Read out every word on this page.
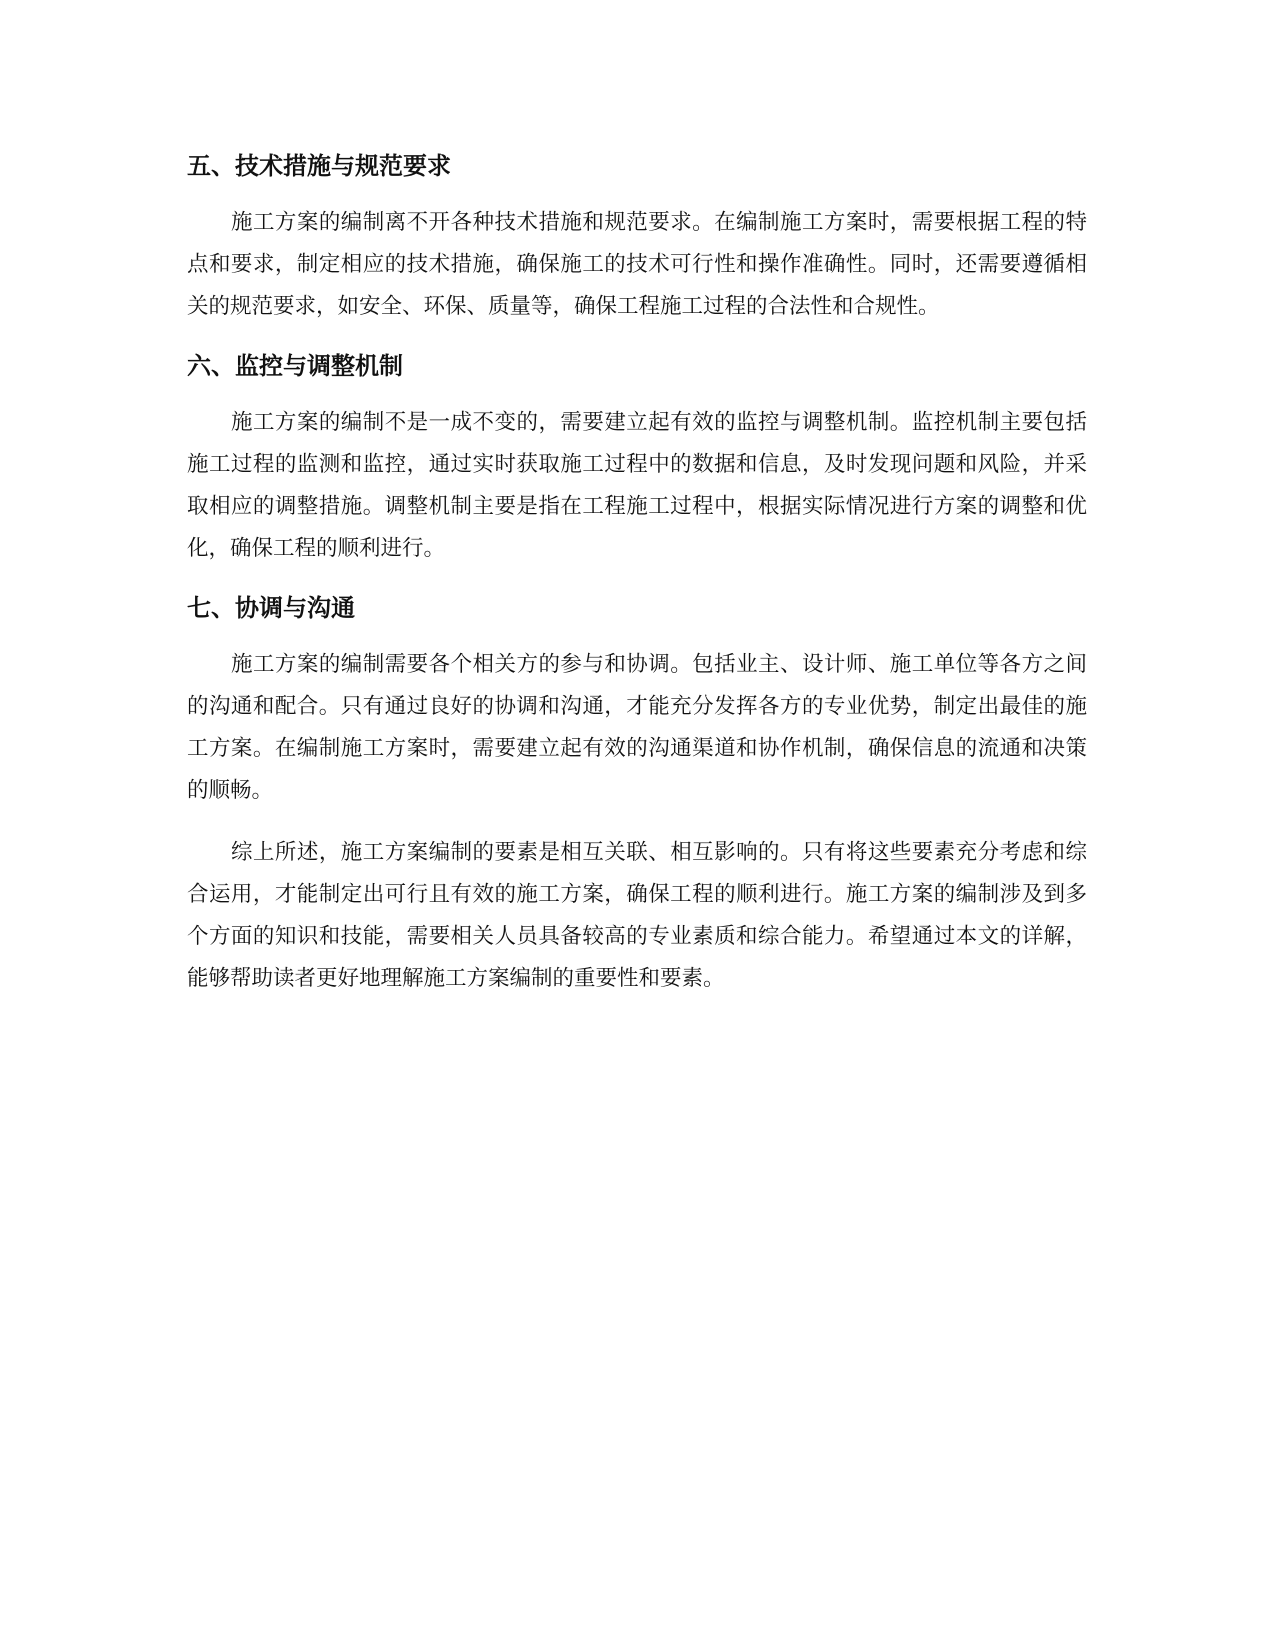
五、技术措施与规范要求

施工方案的编制离不开各种技术措施和规范要求。在编制施工方案时，需要根据工程的特点和要求，制定相应的技术措施，确保施工的技术可行性和操作准确性。同时，还需要遵循相关的规范要求，如安全、环保、质量等，确保工程施工过程的合法性和合规性。

六、监控与调整机制

施工方案的编制不是一成不变的，需要建立起有效的监控与调整机制。监控机制主要包括施工过程的监测和监控，通过实时获取施工过程中的数据和信息，及时发现问题和风险，并采取相应的调整措施。调整机制主要是指在工程施工过程中，根据实际情况进行方案的调整和优化，确保工程的顺利进行。

七、协调与沟通

施工方案的编制需要各个相关方的参与和协调。包括业主、设计师、施工单位等各方之间的沟通和配合。只有通过良好的协调和沟通，才能充分发挥各方的专业优势，制定出最佳的施工方案。在编制施工方案时，需要建立起有效的沟通渠道和协作机制，确保信息的流通和决策的顺畅。

综上所述，施工方案编制的要素是相互关联、相互影响的。只有将这些要素充分考虑和综合运用，才能制定出可行且有效的施工方案，确保工程的顺利进行。施工方案的编制涉及到多个方面的知识和技能，需要相关人员具备较高的专业素质和综合能力。希望通过本文的详解，能够帮助读者更好地理解施工方案编制的重要性和要素。
